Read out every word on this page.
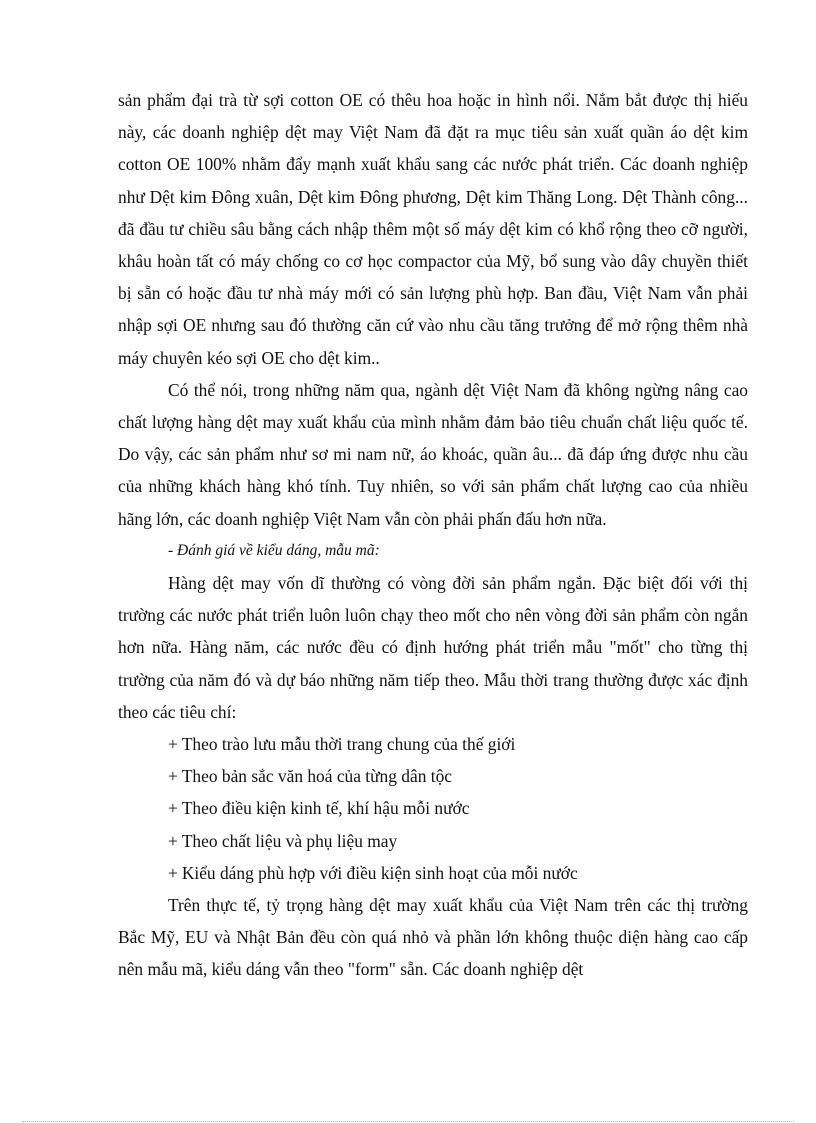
sản phẩm đại trà từ sợi cotton OE có thêu hoa hoặc in hình nổi. Nắm bắt được thị hiếu này, các doanh nghiệp dệt may Việt Nam đã đặt ra mục tiêu sản xuất quần áo dệt kim cotton OE 100% nhằm đẩy mạnh xuất khẩu sang các nước phát triển. Các doanh nghiệp như Dệt kim Đông xuân, Dệt kim Đông phương, Dệt kim Thăng Long. Dệt Thành công... đã đầu tư chiều sâu bằng cách nhập thêm một số máy dệt kim có khổ rộng theo cỡ người, khâu hoàn tất có máy chống co cơ học compactor của Mỹ, bổ sung vào dây chuyền thiết bị sẵn có hoặc đầu tư nhà máy mới có sản lượng phù hợp. Ban đầu, Việt Nam vẫn phải nhập sợi OE nhưng sau đó thường căn cứ vào nhu cầu tăng trưởng để mở rộng thêm nhà máy chuyên kéo sợi OE cho dệt kim..

Có thể nói, trong những năm qua, ngành dệt Việt Nam đã không ngừng nâng cao chất lượng hàng dệt may xuất khẩu của mình nhằm đảm bảo tiêu chuẩn chất liệu quốc tế. Do vậy, các sản phẩm như sơ mi nam nữ, áo khoác, quần âu... đã đáp ứng được nhu cầu của những khách hàng khó tính. Tuy nhiên, so với sản phẩm chất lượng cao của nhiều hãng lớn, các doanh nghiệp Việt Nam vẫn còn phải phấn đấu hơn nữa.

- Đánh giá về kiểu dáng, mẫu mã:

Hàng dệt may vốn dĩ thường có vòng đời sản phẩm ngắn. Đặc biệt đối với thị trường các nước phát triển luôn luôn chạy theo mốt cho nên vòng đời sản phẩm còn ngắn hơn nữa. Hàng năm, các nước đều có định hướng phát triển mẫu "mốt" cho từng thị trường của năm đó và dự báo những năm tiếp theo. Mẫu thời trang thường được xác định theo các tiêu chí:

+ Theo trào lưu mẫu thời trang chung của thế giới
+ Theo bản sắc văn hoá của từng dân tộc
+ Theo điều kiện kinh tế, khí hậu mỗi nước
+ Theo chất liệu và phụ liệu may
+ Kiểu dáng phù hợp với điều kiện sinh hoạt của mỗi nước

Trên thực tế, tỷ trọng hàng dệt may xuất khẩu của Việt Nam trên các thị trường Bắc Mỹ, EU và Nhật Bản đều còn quá nhỏ và phần lớn không thuộc diện hàng cao cấp nên mẫu mã, kiểu dáng vẫn theo "form" sẵn. Các doanh nghiệp dệt
